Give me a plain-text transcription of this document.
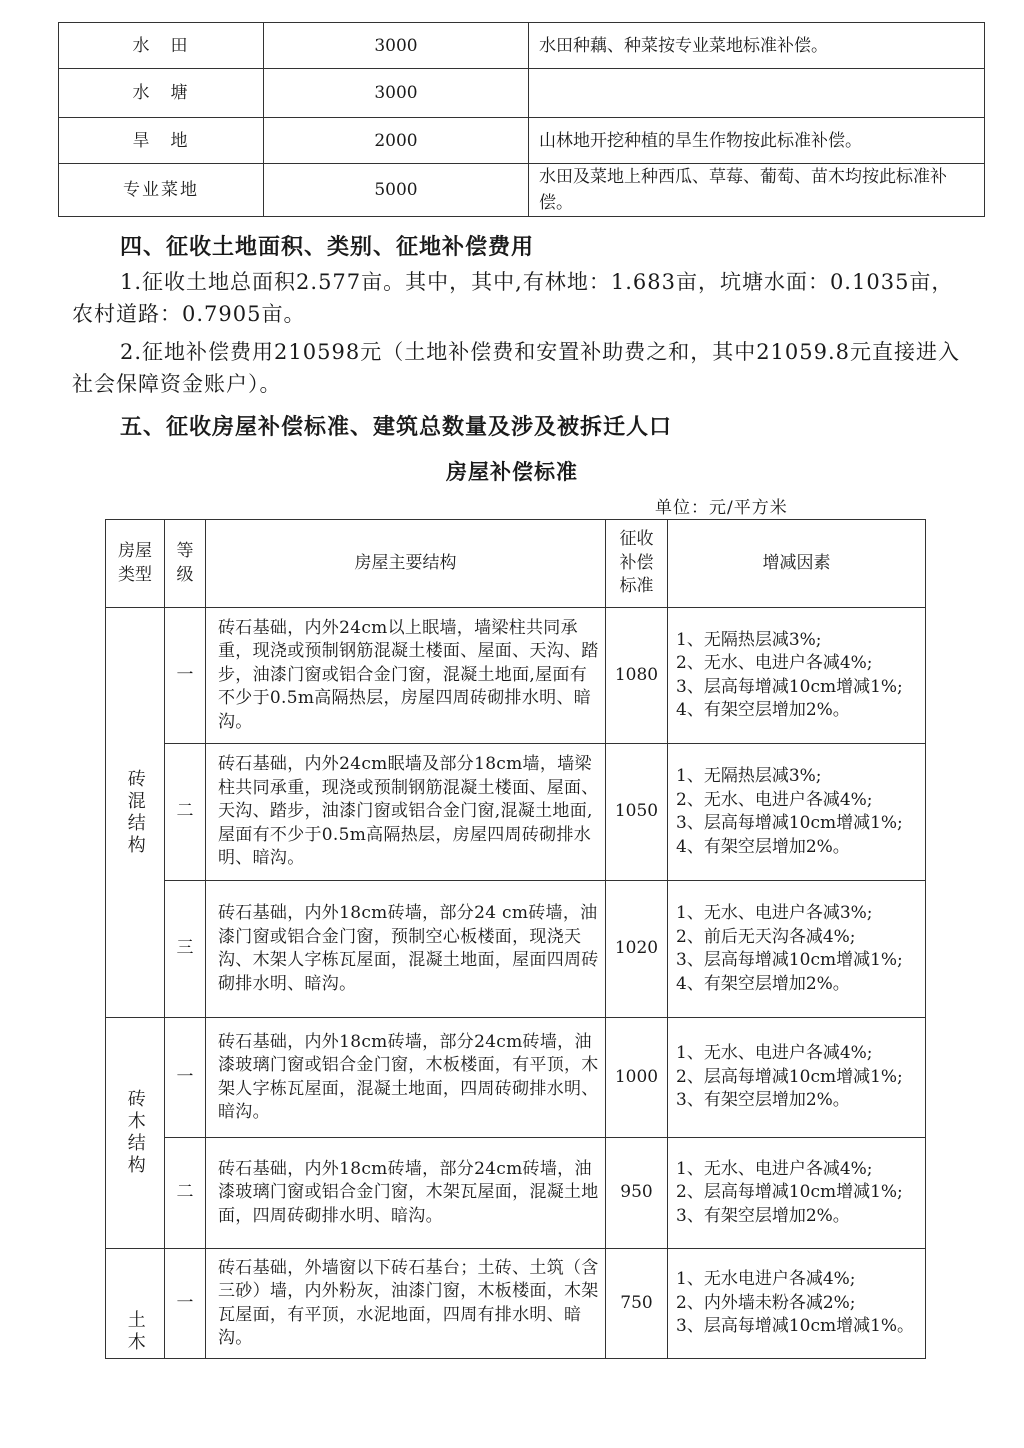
水　田	3000	水田种藕、种菜按专业菜地标准补偿。
水　塘	3000	
旱　地	2000	山林地开挖种植的旱生作物按此标准补偿。
专业菜地	5000	水田及菜地上种西瓜、草莓、葡萄、苗木均按此标准补偿。
四、征收土地面积、类别、征地补偿费用
1.征收土地总面积2.577亩。其中，其中,有林地：1.683亩，坑塘水面：0.1035亩，农村道路：0.7905亩。
2.征地补偿费用210598元（土地补偿费和安置补助费之和，其中21059.8元直接进入社会保障资金账户）。
五、征收房屋补偿标准、建筑总数量及涉及被拆迁人口
房屋补偿标准
单位：元/平方米
房屋类型	等级	房屋主要结构	征收补偿标准	增减因素

砖混结构	一	砖石基础，内外24cm以上眠墙，墙梁柱共同承重，现浇或预制钢筋混凝土楼面、屋面、天沟、踏步，油漆门窗或铝合金门窗，混凝土地面,屋面有不少于0.5m高隔热层，房屋四周砖砌排水明、暗沟。	1080	1、无隔热层减3%;
2、无水、电进户各减4%;
3、层高每增减10cm增减1%;
4、有架空层增加2%。

	二	砖石基础，内外24cm眠墙及部分18cm墙，墙梁柱共同承重，现浇或预制钢筋混凝土楼面、屋面、天沟、踏步，油漆门窗或铝合金门窗,混凝土地面,屋面有不少于0.5m高隔热层，房屋四周砖砌排水明、暗沟。	1050	1、无隔热层减3%;
2、无水、电进户各减4%;
3、层高每增减10cm增减1%;
4、有架空层增加2%。

	三	砖石基础，内外18cm砖墙，部分24 cm砖墙，油漆门窗或铝合金门窗，预制空心板楼面，现浇天沟、木架人字栋瓦屋面，混凝土地面，屋面四周砖砌排水明、暗沟。	1020	1、无水、电进户各减3%;
2、前后无天沟各减4%;
3、层高每增减10cm增减1%;
4、有架空层增加2%。

砖木结构	一	砖石基础，内外18cm砖墙，部分24cm砖墙，油漆玻璃门窗或铝合金门窗，木板楼面，有平顶，木架人字栋瓦屋面，混凝土地面，四周砖砌排水明、暗沟。	1000	1、无水、电进户各减4%;
2、层高每增减10cm增减1%;
3、有架空层增加2%。

	二	砖石基础，内外18cm砖墙，部分24cm砖墙，油漆玻璃门窗或铝合金门窗，木架瓦屋面，混凝土地面，四周砖砌排水明、暗沟。	950	1、无水、电进户各减4%;
2、层高每增减10cm增减1%;
3、有架空层增加2%。

土木	一	砖石基础，外墙窗以下砖石基台；土砖、土筑（含三砂）墙，内外粉灰，油漆门窗，木板楼面，木架瓦屋面，有平顶，水泥地面，四周有排水明、暗沟。	750	1、无水电进户各减4%;
2、内外墙未粉各减2%;
3、层高每增减10cm增减1%。
